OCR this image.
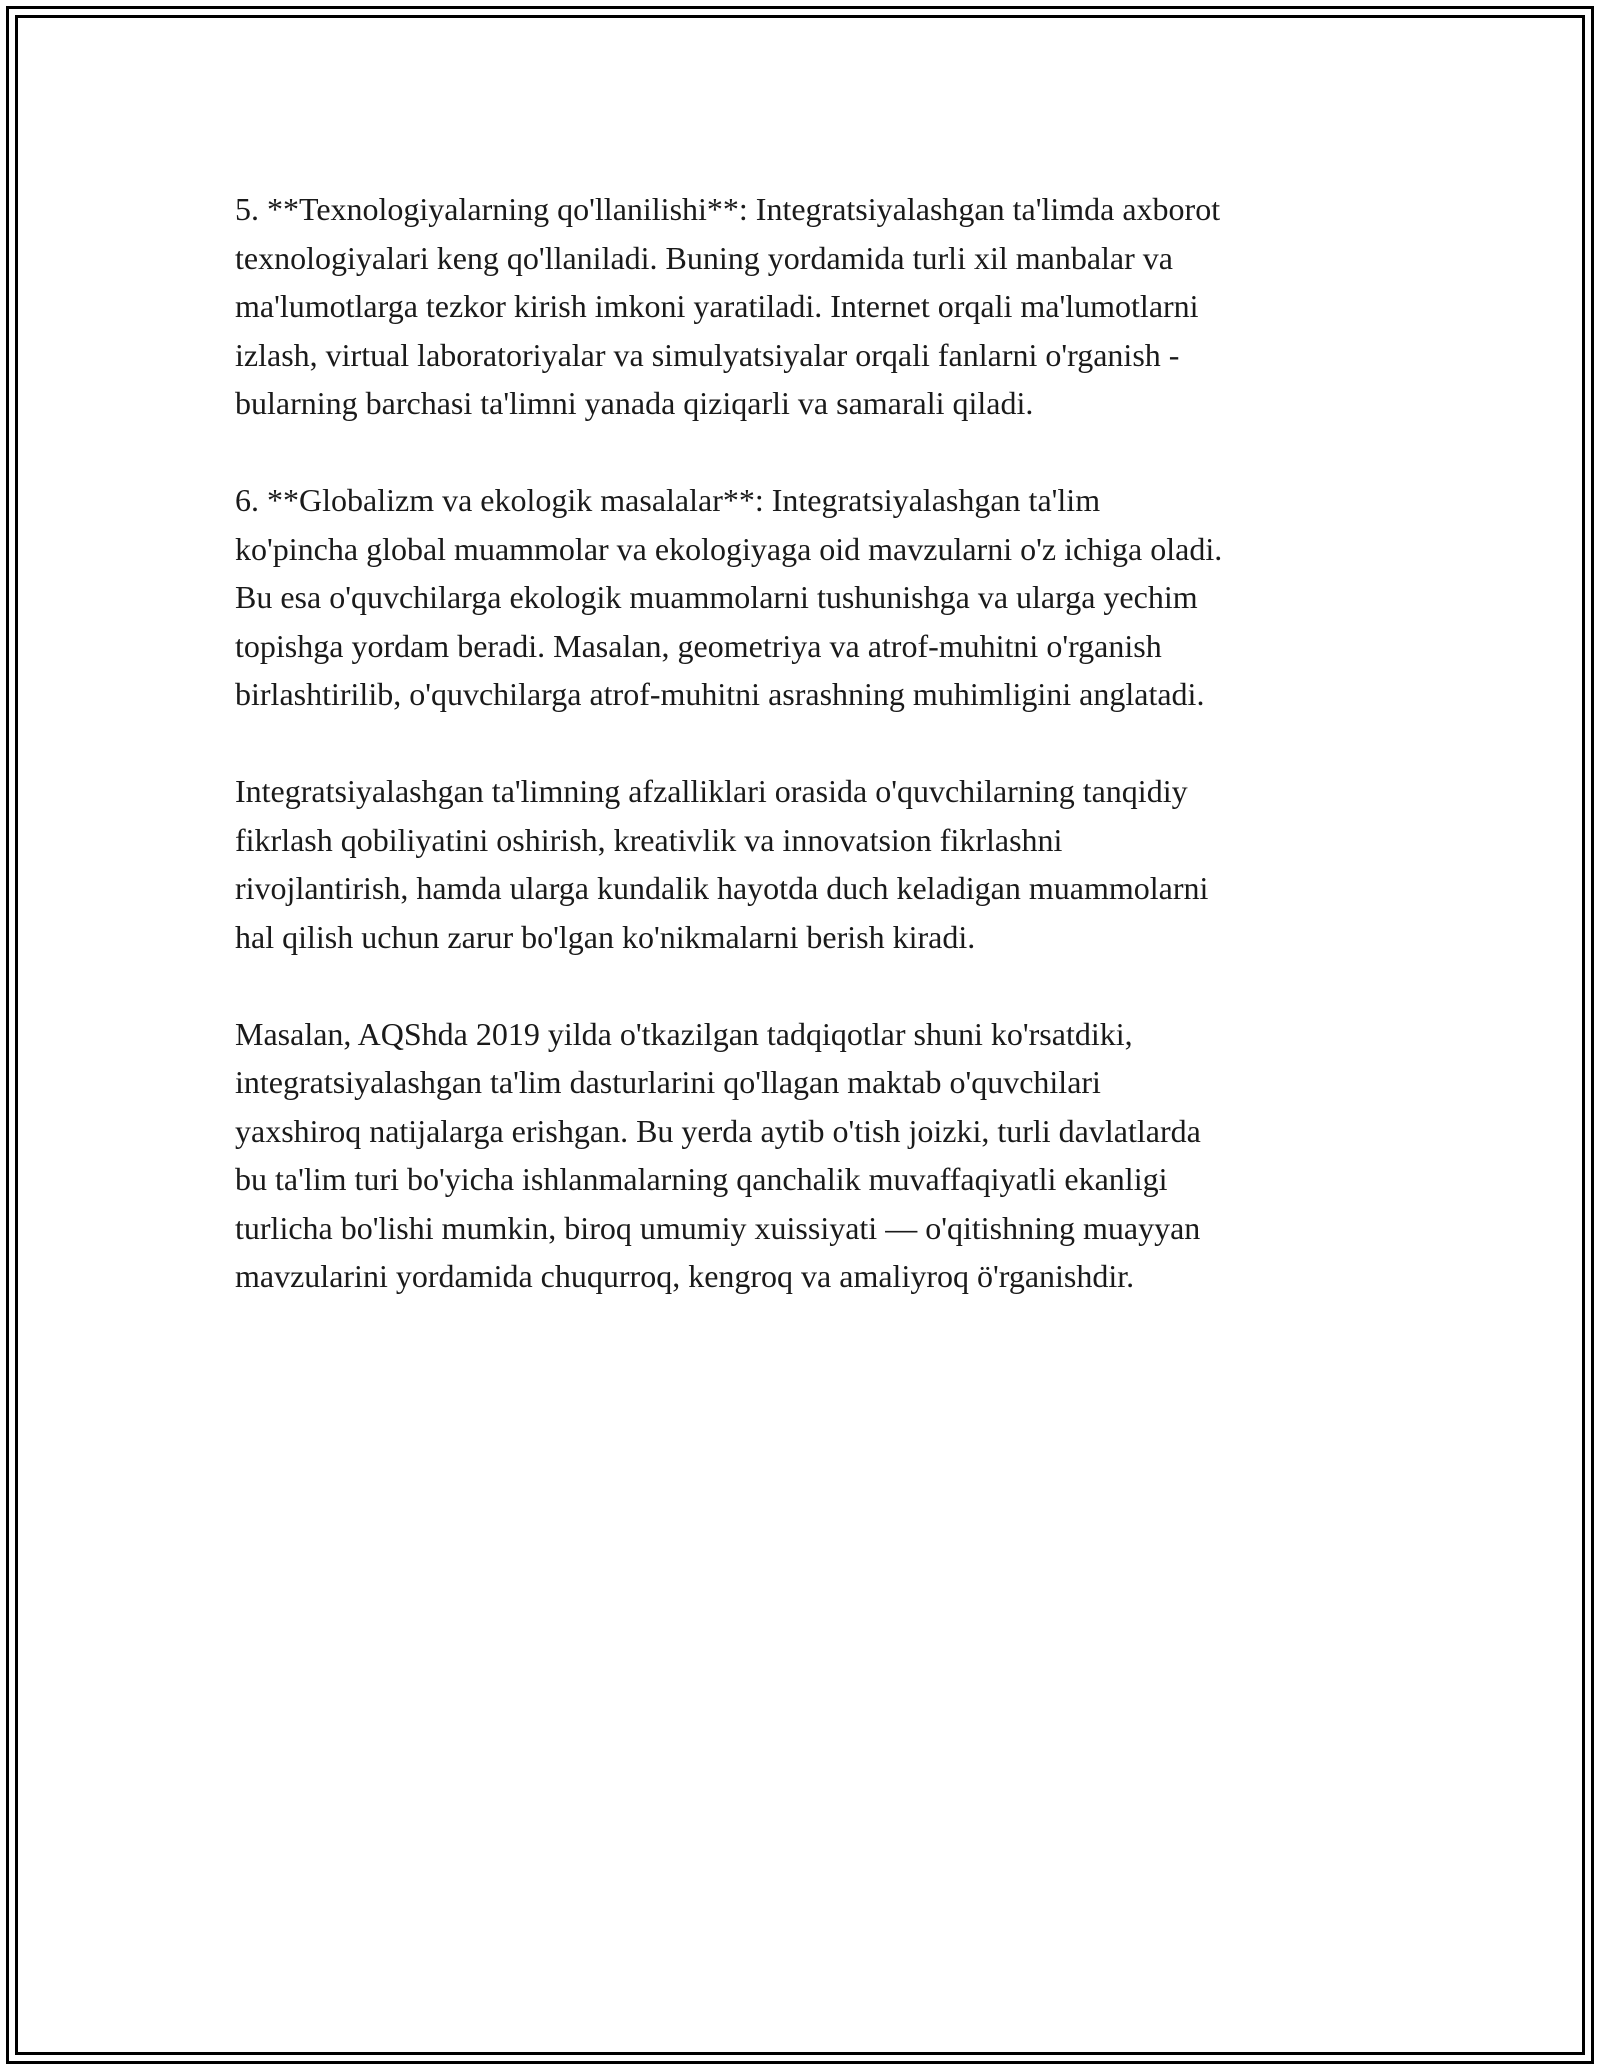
5. **Texnologiyalarning qo'llanilishi**: Integratsiyalashgan ta'limda axborot
texnologiyalari keng qo'llaniladi. Buning yordamida turli xil manbalar va
ma'lumotlarga tezkor kirish imkoni yaratiladi. Internet orqali ma'lumotlarni
izlash, virtual laboratoriyalar va simulyatsiyalar orqali fanlarni o'rganish -
bularning barchasi ta'limni yanada qiziqarli va samarali qiladi.

6. **Globalizm va ekologik masalalar**: Integratsiyalashgan ta'lim
ko'pincha global muammolar va ekologiyaga oid mavzularni o'z ichiga oladi.
Bu esa o'quvchilarga ekologik muammolarni tushunishga va ularga yechim
topishga yordam beradi. Masalan, geometriya va atrof-muhitni o'rganish
birlashtirilib, o'quvchilarga atrof-muhitni asrashning muhimligini anglatadi.

Integratsiyalashgan ta'limning afzalliklari orasida o'quvchilarning tanqidiy
fikrlash qobiliyatini oshirish, kreativlik va innovatsion fikrlashni
rivojlantirish, hamda ularga kundalik hayotda duch keladigan muammolarni
hal qilish uchun zarur bo'lgan ko'nikmalarni berish kiradi.

Masalan, AQShda 2019 yilda o'tkazilgan tadqiqotlar shuni ko'rsatdiki,
integratsiyalashgan ta'lim dasturlarini qo'llagan maktab o'quvchilari
yaxshiroq natijalarga erishgan. Bu yerda aytib o'tish joizki, turli davlatlarda
bu ta'lim turi bo'yicha ishlanmalarning qanchalik muvaffaqiyatli ekanligi
turlicha bo'lishi mumkin, biroq umumiy xuissiyati — o'qitishning muayyan
mavzularini yordamida chuqurroq, kengroq va amaliyroq ö'rganishdir.
